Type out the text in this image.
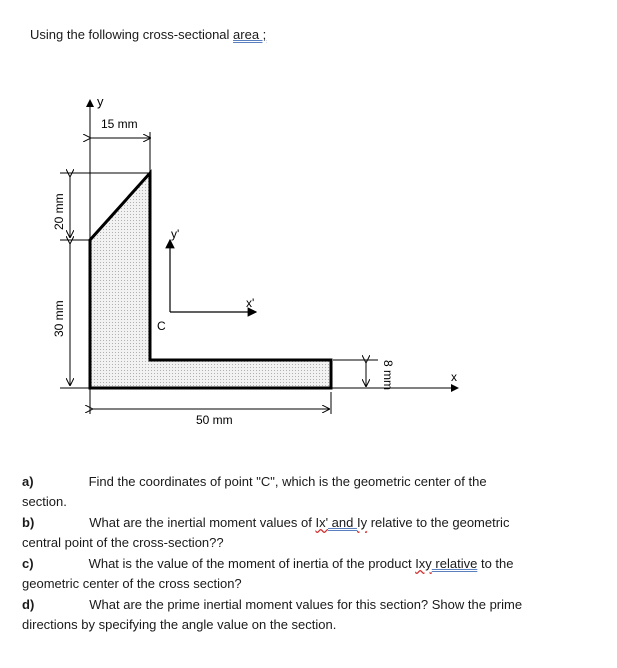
Using the following cross-sectional area ;
y
x
y'
x'
C
15 mm
20 mm
30 mm
50 mm
8 mm
a)	Find the coordinates of point "C", which is the geometric center of the
section.
b)	What are the inertial moment values of Ix' and Iy relative to the geometric
central point of the cross-section??
c)	What is the value of the moment of inertia of the product Ixy relative to the
geometric center of the cross section?
d)	What are the prime inertial moment values for this section? Show the prime
directions by specifying the angle value on the section.
